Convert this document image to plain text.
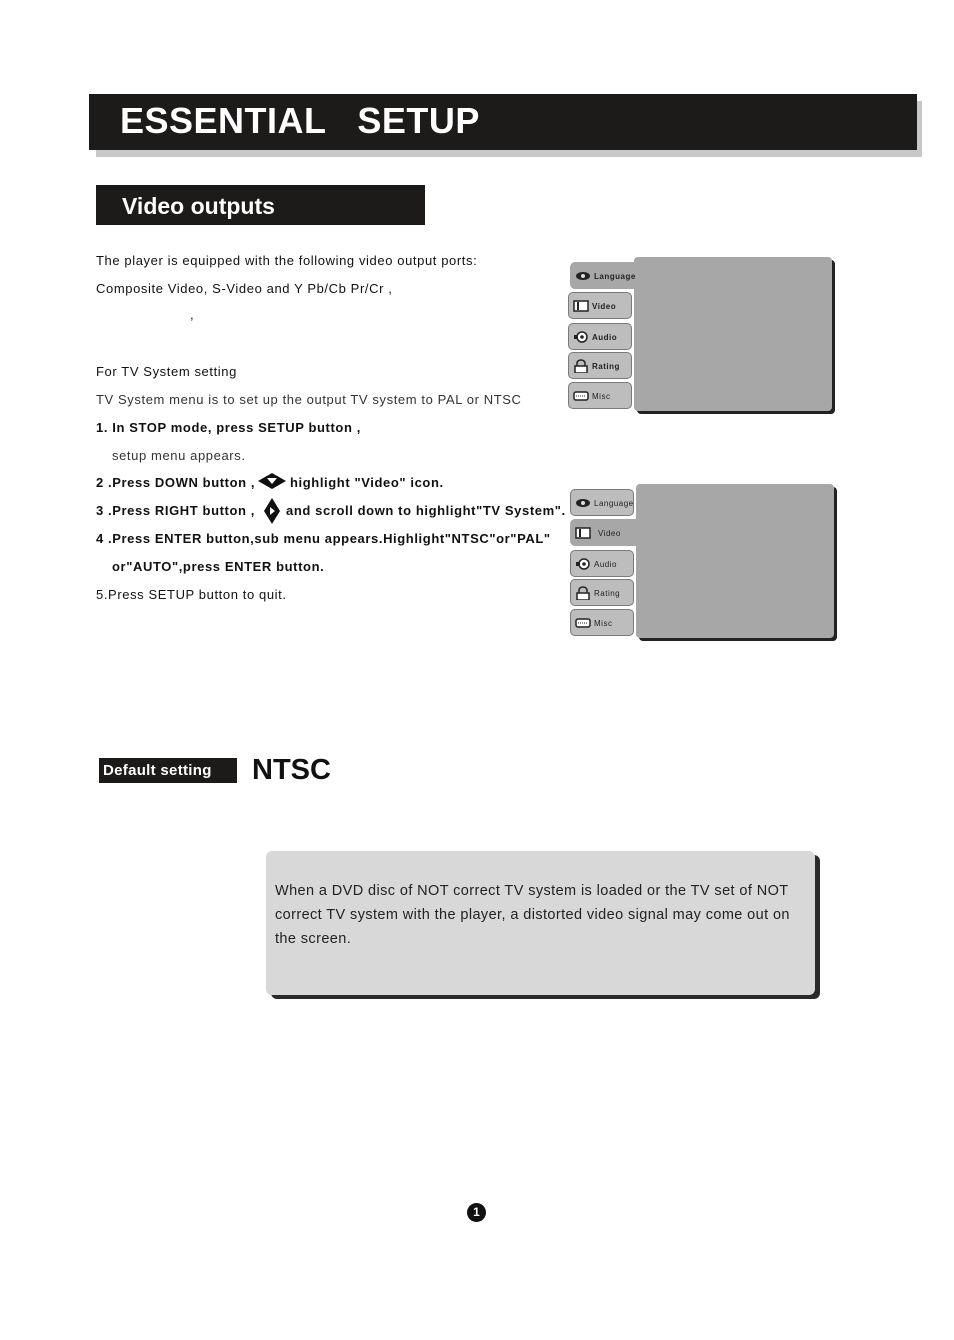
ESSENTIAL   SETUP
Video outputs
The player is equipped with the following video output ports:
Composite Video, S-Video and Y Pb/Cb Pr/Cr ,
,
For TV System setting
TV System menu is to set up the output TV system to PAL or NTSC
1. In STOP mode, press SETUP button ,
setup menu appears.
2 .Press DOWN button ,	highlight "Video" icon.
3 .Press RIGHT button , and scroll down to highlight"TV System".
4 .Press ENTER button,sub menu appears.Highlight"NTSC"or"PAL"
or"AUTO",press ENTER button.
5.Press SETUP button to quit.
Language
Video
Audio
Rating
Misc
Language
Video
Audio
Rating
Misc
Default setting NTSC
When a DVD disc of NOT correct TV system is loaded or the TV set of NOT correct TV system with the player, a distorted video signal may come out on the screen.
1
